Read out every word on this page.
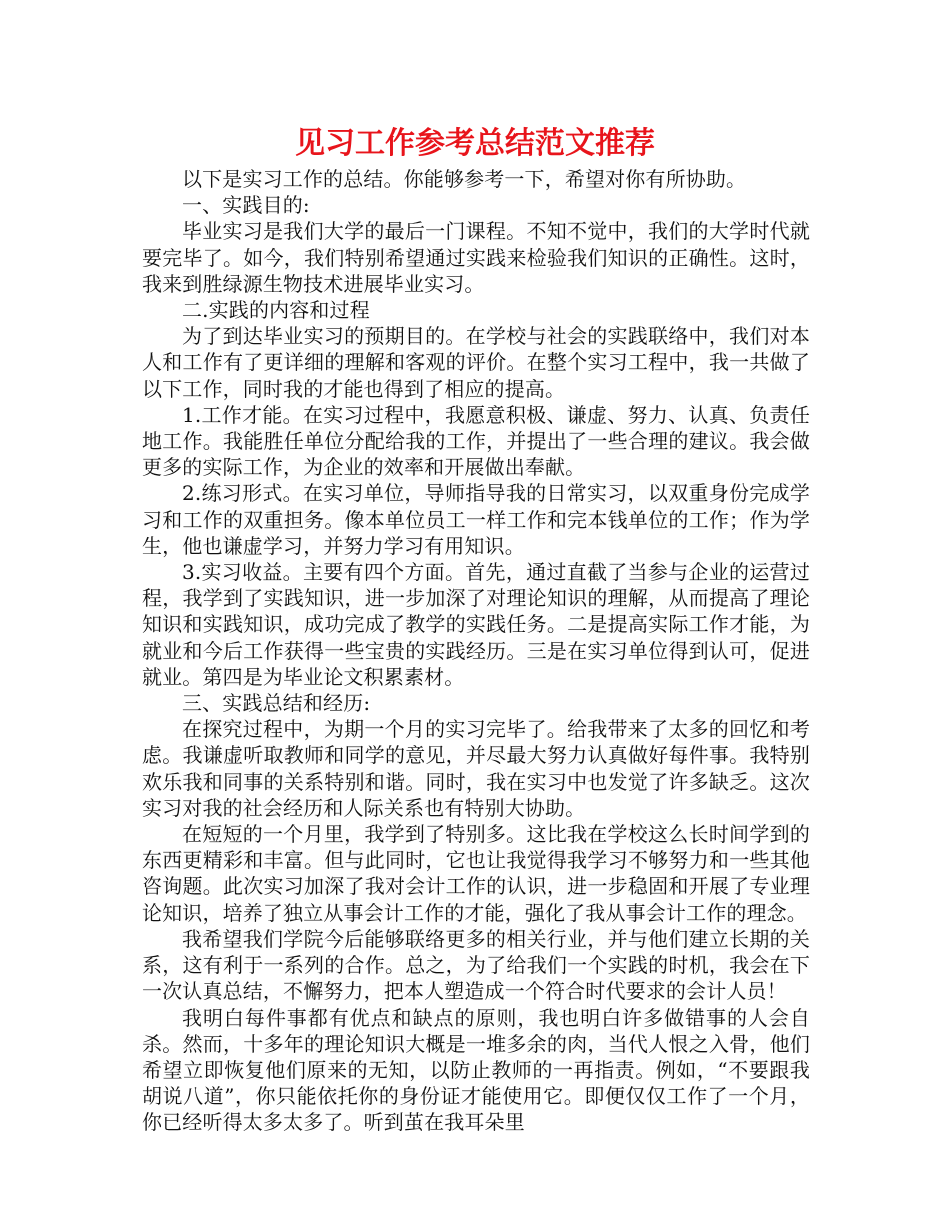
见习工作参考总结范文推荐

以下是实习工作的总结。你能够参考一下，希望对你有所协助。

一、实践目的:

毕业实习是我们大学的最后一门课程。不知不觉中，我们的大学时代就要完毕了。如今，我们特别希望通过实践来检验我们知识的正确性。这时，我来到胜绿源生物技术进展毕业实习。

二.实践的内容和过程

为了到达毕业实习的预期目的。在学校与社会的实践联络中，我们对本人和工作有了更详细的理解和客观的评价。在整个实习工程中，我一共做了以下工作，同时我的才能也得到了相应的提高。

1.工作才能。在实习过程中，我愿意积极、谦虚、努力、认真、负责任地工作。我能胜任单位分配给我的工作，并提出了一些合理的建议。我会做更多的实际工作，为企业的效率和开展做出奉献。

2.练习形式。在实习单位，导师指导我的日常实习，以双重身份完成学习和工作的双重担务。像本单位员工一样工作和完本钱单位的工作；作为学生，他也谦虚学习，并努力学习有用知识。

3.实习收益。主要有四个方面。首先，通过直截了当参与企业的运营过程，我学到了实践知识，进一步加深了对理论知识的理解，从而提高了理论知识和实践知识，成功完成了教学的实践任务。二是提高实际工作才能，为就业和今后工作获得一些宝贵的实践经历。三是在实习单位得到认可，促进就业。第四是为毕业论文积累素材。

三、实践总结和经历:

在探究过程中，为期一个月的实习完毕了。给我带来了太多的回忆和考虑。我谦虚听取教师和同学的意见，并尽最大努力认真做好每件事。我特别欢乐我和同事的关系特别和谐。同时，我在实习中也发觉了许多缺乏。这次实习对我的社会经历和人际关系也有特别大协助。

在短短的一个月里，我学到了特别多。这比我在学校这么长时间学到的东西更精彩和丰富。但与此同时，它也让我觉得我学习不够努力和一些其他咨询题。此次实习加深了我对会计工作的认识，进一步稳固和开展了专业理论知识，培养了独立从事会计工作的才能，强化了我从事会计工作的理念。

我希望我们学院今后能够联络更多的相关行业，并与他们建立长期的关系，这有利于一系列的合作。总之，为了给我们一个实践的时机，我会在下一次认真总结，不懈努力，把本人塑造成一个符合时代要求的会计人员！

我明白每件事都有优点和缺点的原则，我也明白许多做错事的人会自杀。然而，十多年的理论知识大概是一堆多余的肉，当代人恨之入骨，他们希望立即恢复他们原来的无知，以防止教师的一再指责。例如，“不要跟我胡说八道”，你只能依托你的身份证才能使用它。即便仅仅工作了一个月，你已经听得太多太多了。听到茧在我耳朵里
